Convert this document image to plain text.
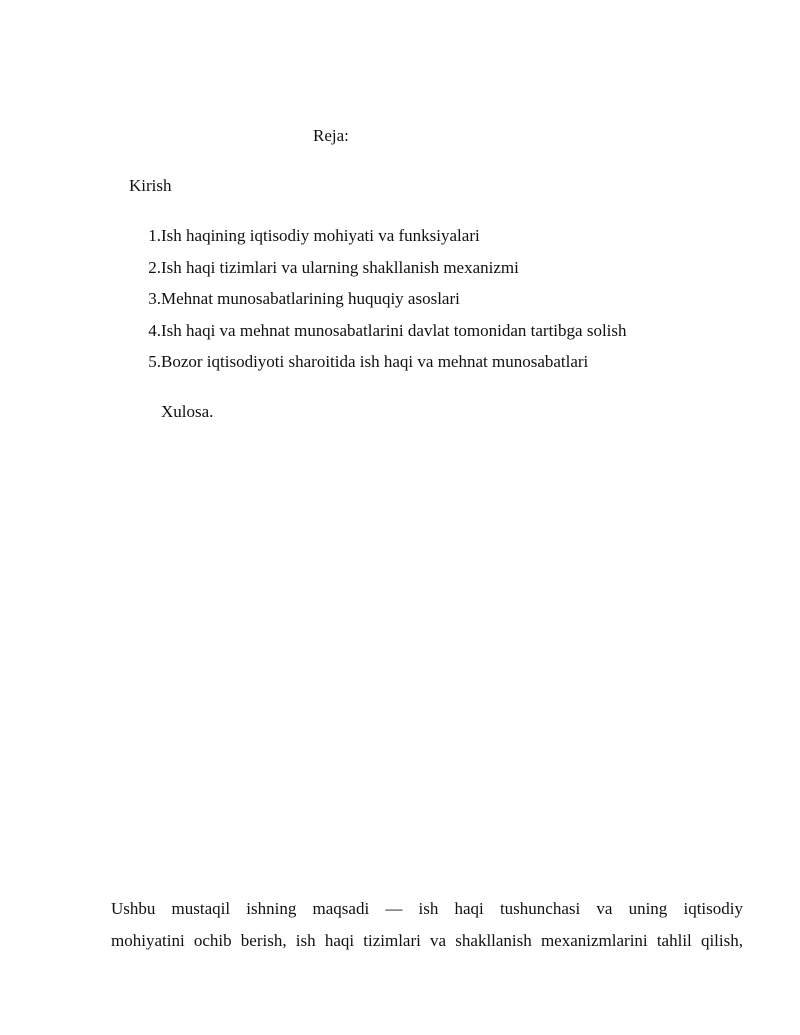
Reja:
Kirish
1. Ish haqining iqtisodiy mohiyati va funksiyalari
2. Ish haqi tizimlari va ularning shakllanish mexanizmi
3. Mehnat munosabatlarining huquqiy asoslari
4. Ish haqi va mehnat munosabatlarini davlat tomonidan tartibga solish
5. Bozor iqtisodiyoti sharoitida ish haqi va mehnat munosabatlari
Xulosa.

Ushbu mustaqil ishning maqsadi — ish haqi tushunchasi va uning iqtisodiy
mohiyatini ochib berish, ish haqi tizimlari va shakllanish mexanizmlarini tahlil qilish,
